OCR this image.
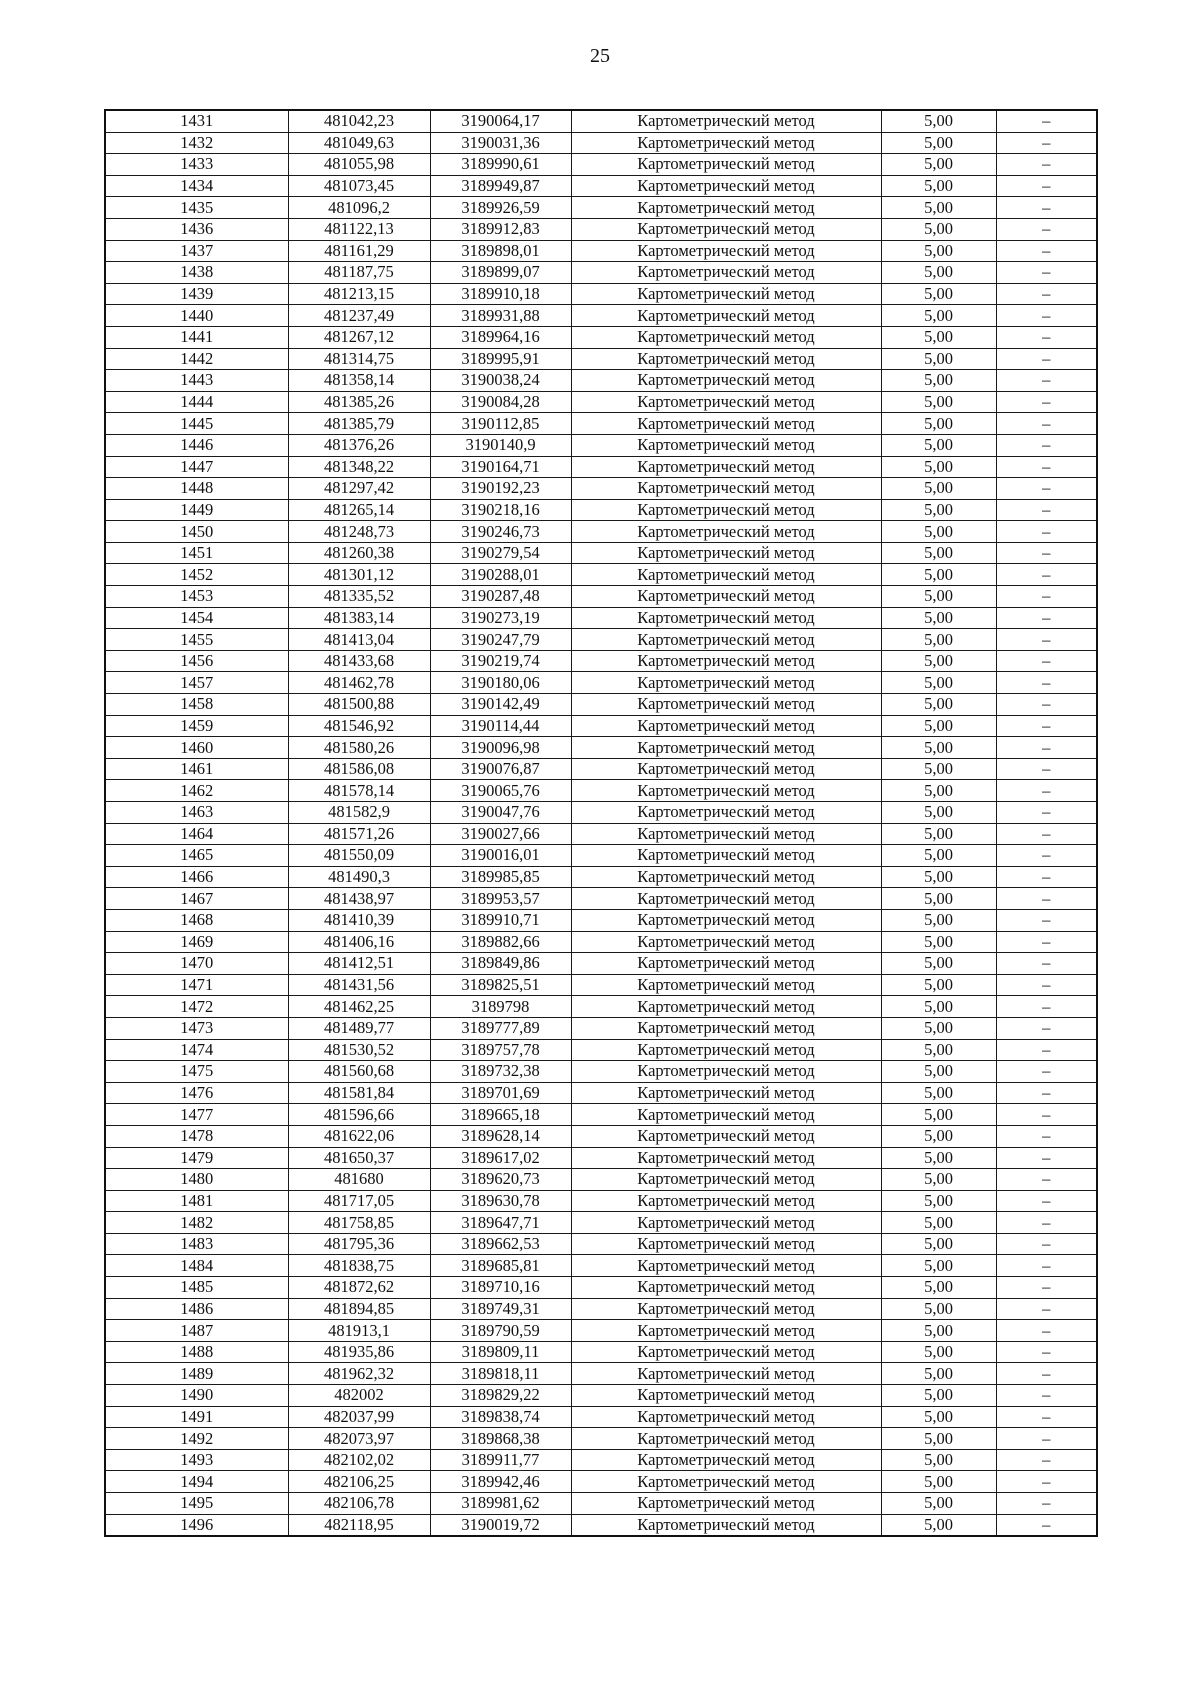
25
1431	481042,23	3190064,17	Картометрический метод	5,00	–
1432	481049,63	3190031,36	Картометрический метод	5,00	–
1433	481055,98	3189990,61	Картометрический метод	5,00	–
1434	481073,45	3189949,87	Картометрический метод	5,00	–
1435	481096,2	3189926,59	Картометрический метод	5,00	–
1436	481122,13	3189912,83	Картометрический метод	5,00	–
1437	481161,29	3189898,01	Картометрический метод	5,00	–
1438	481187,75	3189899,07	Картометрический метод	5,00	–
1439	481213,15	3189910,18	Картометрический метод	5,00	–
1440	481237,49	3189931,88	Картометрический метод	5,00	–
1441	481267,12	3189964,16	Картометрический метод	5,00	–
1442	481314,75	3189995,91	Картометрический метод	5,00	–
1443	481358,14	3190038,24	Картометрический метод	5,00	–
1444	481385,26	3190084,28	Картометрический метод	5,00	–
1445	481385,79	3190112,85	Картометрический метод	5,00	–
1446	481376,26	3190140,9	Картометрический метод	5,00	–
1447	481348,22	3190164,71	Картометрический метод	5,00	–
1448	481297,42	3190192,23	Картометрический метод	5,00	–
1449	481265,14	3190218,16	Картометрический метод	5,00	–
1450	481248,73	3190246,73	Картометрический метод	5,00	–
1451	481260,38	3190279,54	Картометрический метод	5,00	–
1452	481301,12	3190288,01	Картометрический метод	5,00	–
1453	481335,52	3190287,48	Картометрический метод	5,00	–
1454	481383,14	3190273,19	Картометрический метод	5,00	–
1455	481413,04	3190247,79	Картометрический метод	5,00	–
1456	481433,68	3190219,74	Картометрический метод	5,00	–
1457	481462,78	3190180,06	Картометрический метод	5,00	–
1458	481500,88	3190142,49	Картометрический метод	5,00	–
1459	481546,92	3190114,44	Картометрический метод	5,00	–
1460	481580,26	3190096,98	Картометрический метод	5,00	–
1461	481586,08	3190076,87	Картометрический метод	5,00	–
1462	481578,14	3190065,76	Картометрический метод	5,00	–
1463	481582,9	3190047,76	Картометрический метод	5,00	–
1464	481571,26	3190027,66	Картометрический метод	5,00	–
1465	481550,09	3190016,01	Картометрический метод	5,00	–
1466	481490,3	3189985,85	Картометрический метод	5,00	–
1467	481438,97	3189953,57	Картометрический метод	5,00	–
1468	481410,39	3189910,71	Картометрический метод	5,00	–
1469	481406,16	3189882,66	Картометрический метод	5,00	–
1470	481412,51	3189849,86	Картометрический метод	5,00	–
1471	481431,56	3189825,51	Картометрический метод	5,00	–
1472	481462,25	3189798	Картометрический метод	5,00	–
1473	481489,77	3189777,89	Картометрический метод	5,00	–
1474	481530,52	3189757,78	Картометрический метод	5,00	–
1475	481560,68	3189732,38	Картометрический метод	5,00	–
1476	481581,84	3189701,69	Картометрический метод	5,00	–
1477	481596,66	3189665,18	Картометрический метод	5,00	–
1478	481622,06	3189628,14	Картометрический метод	5,00	–
1479	481650,37	3189617,02	Картометрический метод	5,00	–
1480	481680	3189620,73	Картометрический метод	5,00	–
1481	481717,05	3189630,78	Картометрический метод	5,00	–
1482	481758,85	3189647,71	Картометрический метод	5,00	–
1483	481795,36	3189662,53	Картометрический метод	5,00	–
1484	481838,75	3189685,81	Картометрический метод	5,00	–
1485	481872,62	3189710,16	Картометрический метод	5,00	–
1486	481894,85	3189749,31	Картометрический метод	5,00	–
1487	481913,1	3189790,59	Картометрический метод	5,00	–
1488	481935,86	3189809,11	Картометрический метод	5,00	–
1489	481962,32	3189818,11	Картометрический метод	5,00	–
1490	482002	3189829,22	Картометрический метод	5,00	–
1491	482037,99	3189838,74	Картометрический метод	5,00	–
1492	482073,97	3189868,38	Картометрический метод	5,00	–
1493	482102,02	3189911,77	Картометрический метод	5,00	–
1494	482106,25	3189942,46	Картометрический метод	5,00	–
1495	482106,78	3189981,62	Картометрический метод	5,00	–
1496	482118,95	3190019,72	Картометрический метод	5,00	–
